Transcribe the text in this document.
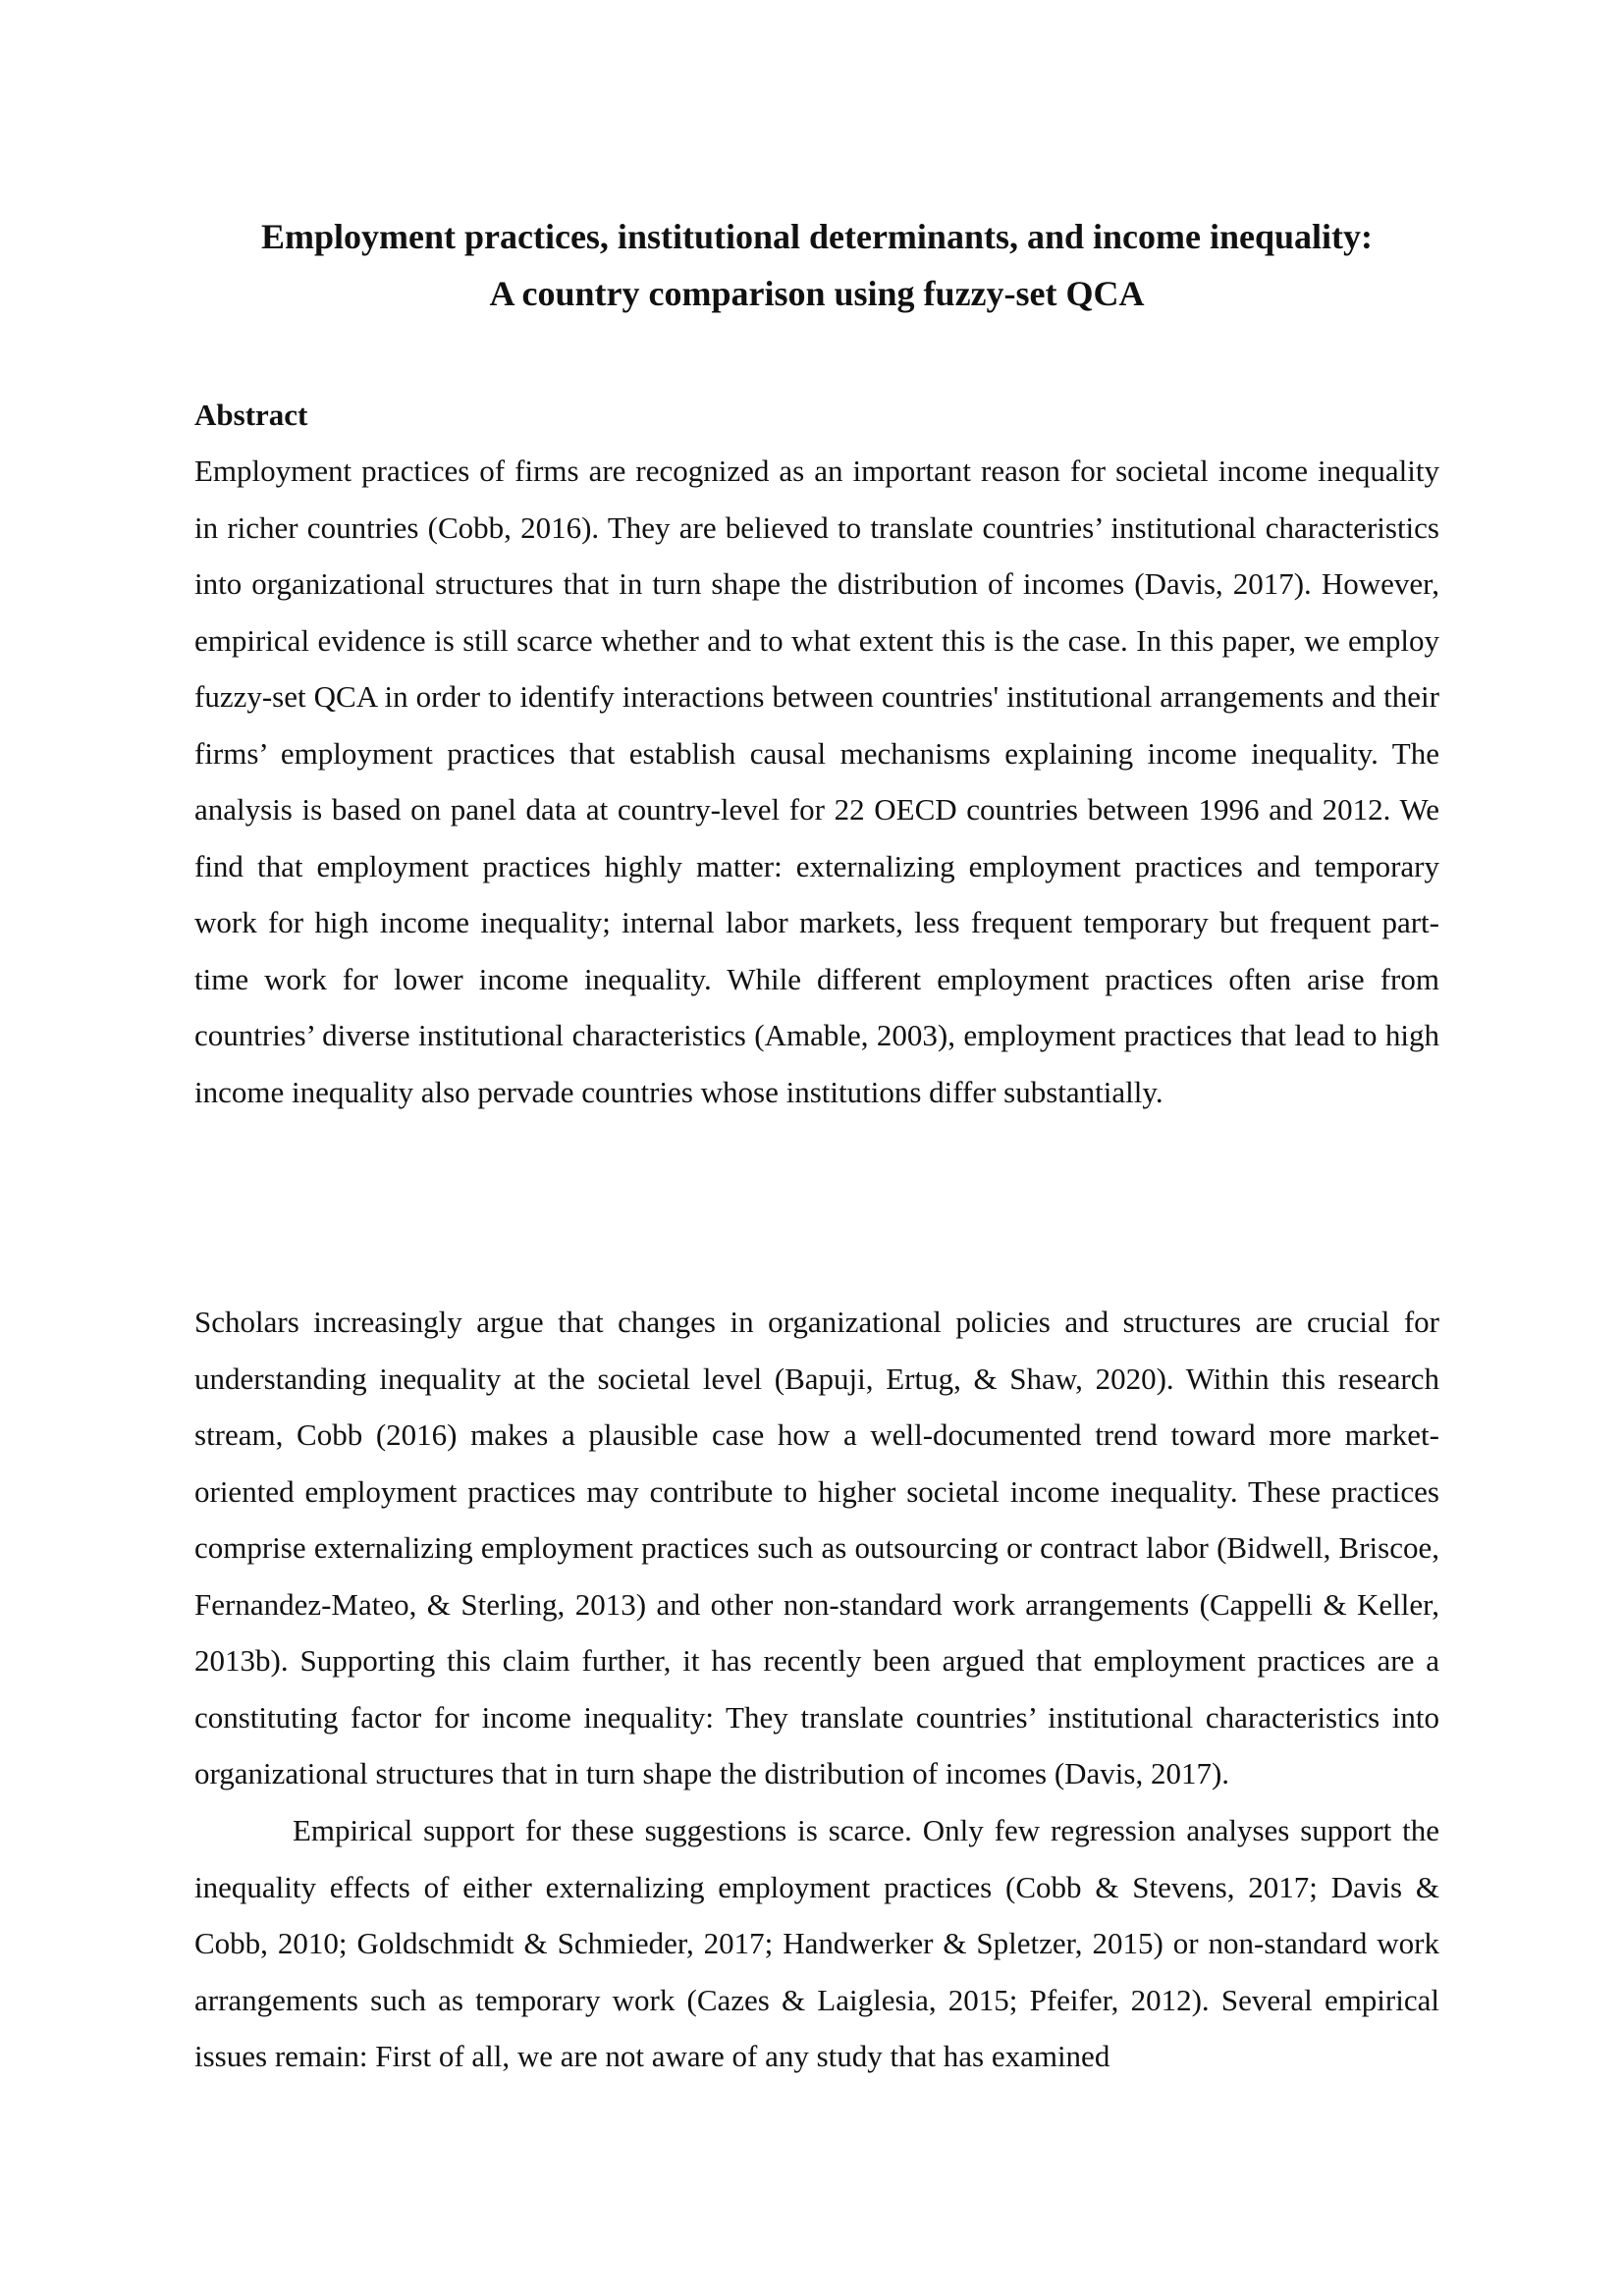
Employment practices, institutional determinants, and income inequality:
A country comparison using fuzzy-set QCA
Abstract

Employment practices of firms are recognized as an important reason for societal income inequality in richer countries (Cobb, 2016). They are believed to translate countries’ institutional characteristics into organizational structures that in turn shape the distribution of incomes (Davis, 2017). However, empirical evidence is still scarce whether and to what extent this is the case. In this paper, we employ fuzzy-set QCA in order to identify interactions between countries' institutional arrangements and their firms’ employment practices that establish causal mechanisms explaining income inequality. The analysis is based on panel data at country-level for 22 OECD countries between 1996 and 2012. We find that employment practices highly matter: externalizing employment practices and temporary work for high income inequality; internal labor markets, less frequent temporary but frequent part-time work for lower income inequality. While different employment practices often arise from countries’ diverse institutional characteristics (Amable, 2003), employment practices that lead to high income inequality also pervade countries whose institutions differ substantially.

Scholars increasingly argue that changes in organizational policies and structures are crucial for understanding inequality at the societal level (Bapuji, Ertug, & Shaw, 2020). Within this research stream, Cobb (2016) makes a plausible case how a well-documented trend toward more market-oriented employment practices may contribute to higher societal income inequality. These practices comprise externalizing employment practices such as outsourcing or contract labor (Bidwell, Briscoe, Fernandez-Mateo, & Sterling, 2013) and other non-standard work arrangements (Cappelli & Keller, 2013b). Supporting this claim further, it has recently been argued that employment practices are a constituting factor for income inequality: They translate countries’ institutional characteristics into organizational structures that in turn shape the distribution of incomes (Davis, 2017).

Empirical support for these suggestions is scarce. Only few regression analyses support the inequality effects of either externalizing employment practices (Cobb & Stevens, 2017; Davis & Cobb, 2010; Goldschmidt & Schmieder, 2017; Handwerker & Spletzer, 2015) or non-standard work arrangements such as temporary work (Cazes & Laiglesia, 2015; Pfeifer, 2012). Several empirical issues remain: First of all, we are not aware of any study that has examined
